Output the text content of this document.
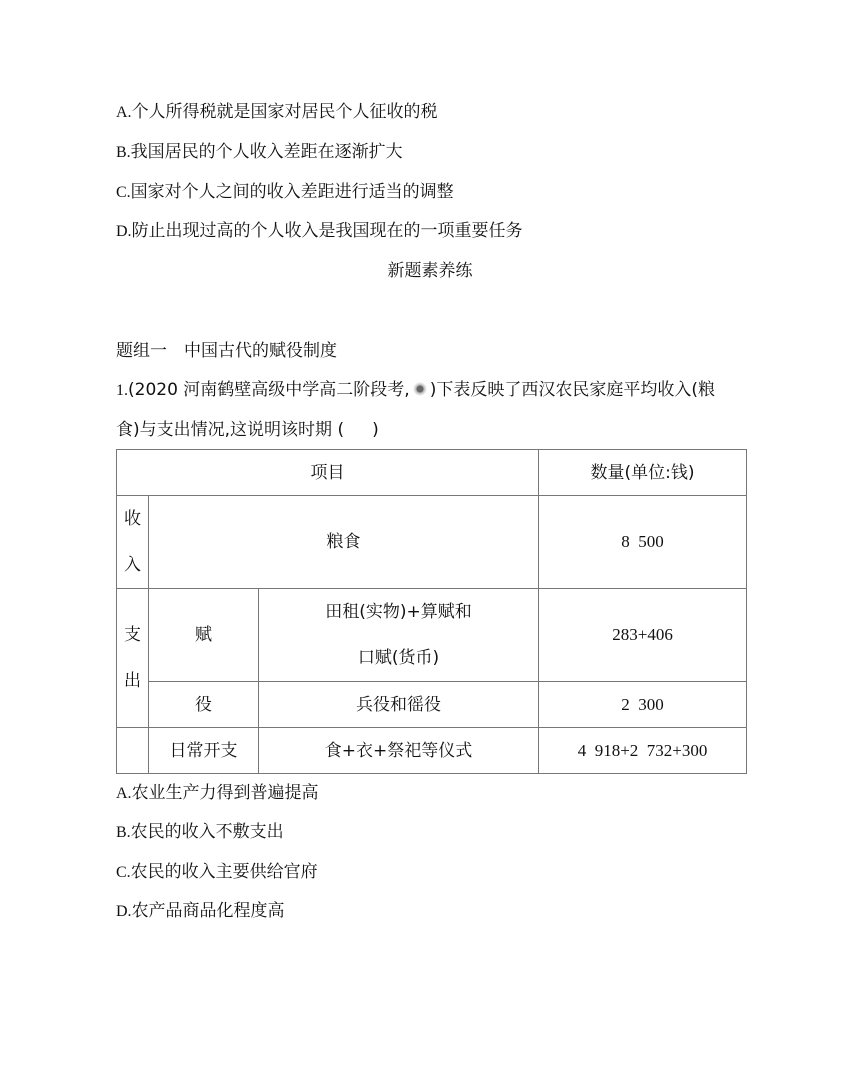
A.个人所得税就是国家对居民个人征收的税
B.我国居民的个人收入差距在逐渐扩大
C.国家对个人之间的收入差距进行适当的调整
D.防止出现过高的个人收入是我国现在的一项重要任务
新题素养练
题组一　中国古代的赋役制度
1.(2020 河南鹤壁高级中学高二阶段考, )下表反映了西汉农民家庭平均收入(粮
食)与支出情况,这说明该时期 ( )
项目			数量(单位:钱)

收
入	粮食		8  500

支
出	赋	田租(实物)+算赋和
口赋(货币)	283+406
	役	兵役和徭役	2  300
	日常开支	食+衣+祭祀等仪式	4  918+2  732+300
A.农业生产力得到普遍提高
B.农民的收入不敷支出
C.农民的收入主要供给官府
D.农产品商品化程度高
